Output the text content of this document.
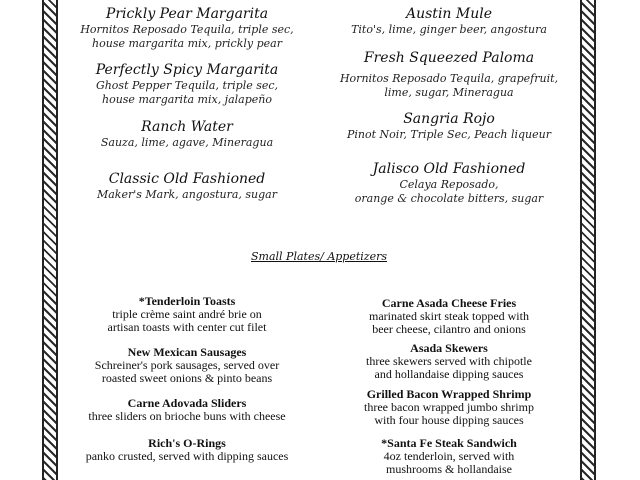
Prickly Pear Margarita
Hornitos Reposado Tequila, triple sec,
house margarita mix, prickly pear
Perfectly Spicy Margarita
Ghost Pepper Tequila, triple sec,
house margarita mix, jalapeño
Ranch Water
Sauza, lime, agave, Mineragua
Classic Old Fashioned
Maker's Mark, angostura, sugar
Austin Mule
Tito's, lime, ginger beer, angostura
Fresh Squeezed Paloma
Hornitos Reposado Tequila, grapefruit,
lime, sugar, Mineragua
Sangria Rojo
Pinot Noir, Triple Sec, Peach liqueur
Jalisco Old Fashioned
Celaya Reposado,
orange & chocolate bitters, sugar
Small Plates/ Appetizers
*Tenderloin Toasts
triple crème saint andré brie on
artisan toasts with center cut filet
New Mexican Sausages
Schreiner's pork sausages, served over
roasted sweet onions & pinto beans
Carne Adovada Sliders
three sliders on brioche buns with cheese
Rich's O-Rings
panko crusted, served with dipping sauces
Carne Asada Cheese Fries
marinated skirt steak topped with
beer cheese, cilantro and onions
Asada Skewers
three skewers served with chipotle
and hollandaise dipping sauces
Grilled Bacon Wrapped Shrimp
three bacon wrapped jumbo shrimp
with four house dipping sauces
*Santa Fe Steak Sandwich
4oz tenderloin, served with
mushrooms & hollandaise
